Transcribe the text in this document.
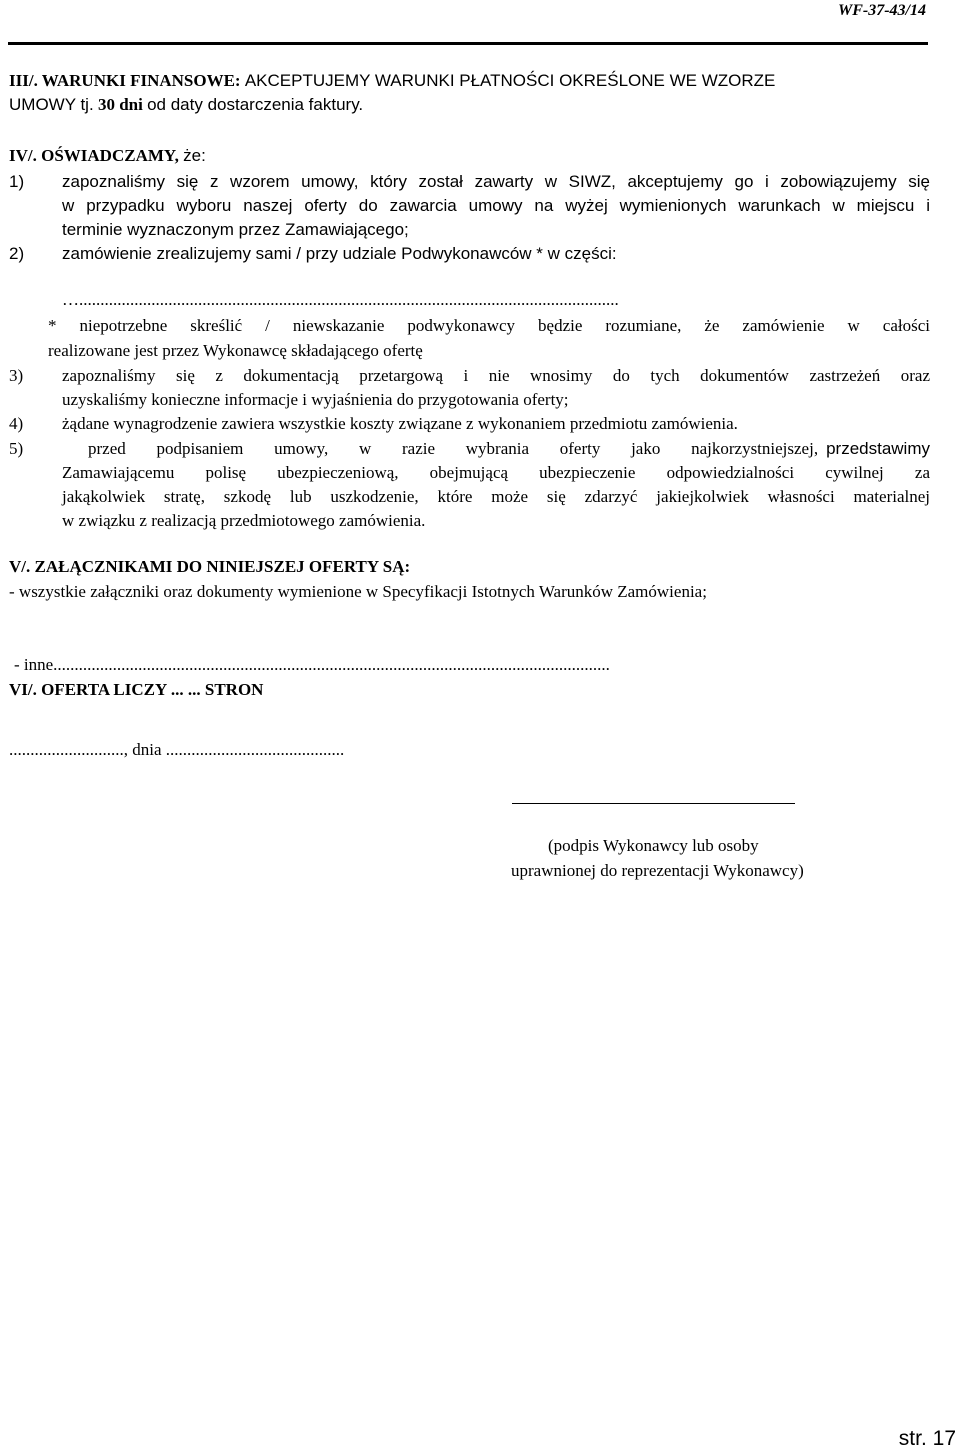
WF-37-43/14
III/. WARUNKI FINANSOWE: AKCEPTUJEMY WARUNKI PŁATNOŚCI OKREŚLONE WE WZORZE
UMOWY tj. 30 dni od daty dostarczenia faktury.
IV/. OŚWIADCZAMY, że:
1) zapoznaliśmy się z wzorem umowy, który został zawarty w SIWZ, akceptujemy go i zobowiązujemy się
w przypadku wyboru naszej oferty do zawarcia umowy na wyżej wymienionych warunkach w miejscu i
terminie wyznaczonym przez Zamawiającego;
2) zamówienie zrealizujemy sami / przy udziale Podwykonawców * w części:
…...............................................................................................................................
* niepotrzebne skreślić / niewskazanie podwykonawcy będzie rozumiane, że zamówienie w całości
realizowane jest przez Wykonawcę składającego ofertę
3) zapoznaliśmy się z dokumentacją przetargową i nie wnosimy do tych dokumentów zastrzeżeń oraz
uzyskaliśmy konieczne informacje i wyjaśnienia do przygotowania oferty;
4) żądane wynagrodzenie zawiera wszystkie koszty związane z wykonaniem przedmiotu zamówienia.
5)	przed podpisaniem umowy, w razie wybrania oferty jako najkorzystniejszej, przedstawimy
Zamawiającemu polisę ubezpieczeniową, obejmującą ubezpieczenie odpowiedzialności cywilnej za
jakąkolwiek stratę, szkodę lub uszkodzenie, które może się zdarzyć jakiejkolwiek własności materialnej
w związku z realizacją przedmiotowego zamówienia.
V/. ZAŁĄCZNIKAMI DO NINIEJSZEJ OFERTY SĄ:
- wszystkie załączniki oraz dokumenty wymienione w Specyfikacji Istotnych Warunków Zamówienia;
- inne...................................................................................................................................
VI/. OFERTA LICZY ... ... STRON
..........................., dnia ..........................................
(podpis Wykonawcy lub osoby
uprawnionej do reprezentacji Wykonawcy)
str. 17
